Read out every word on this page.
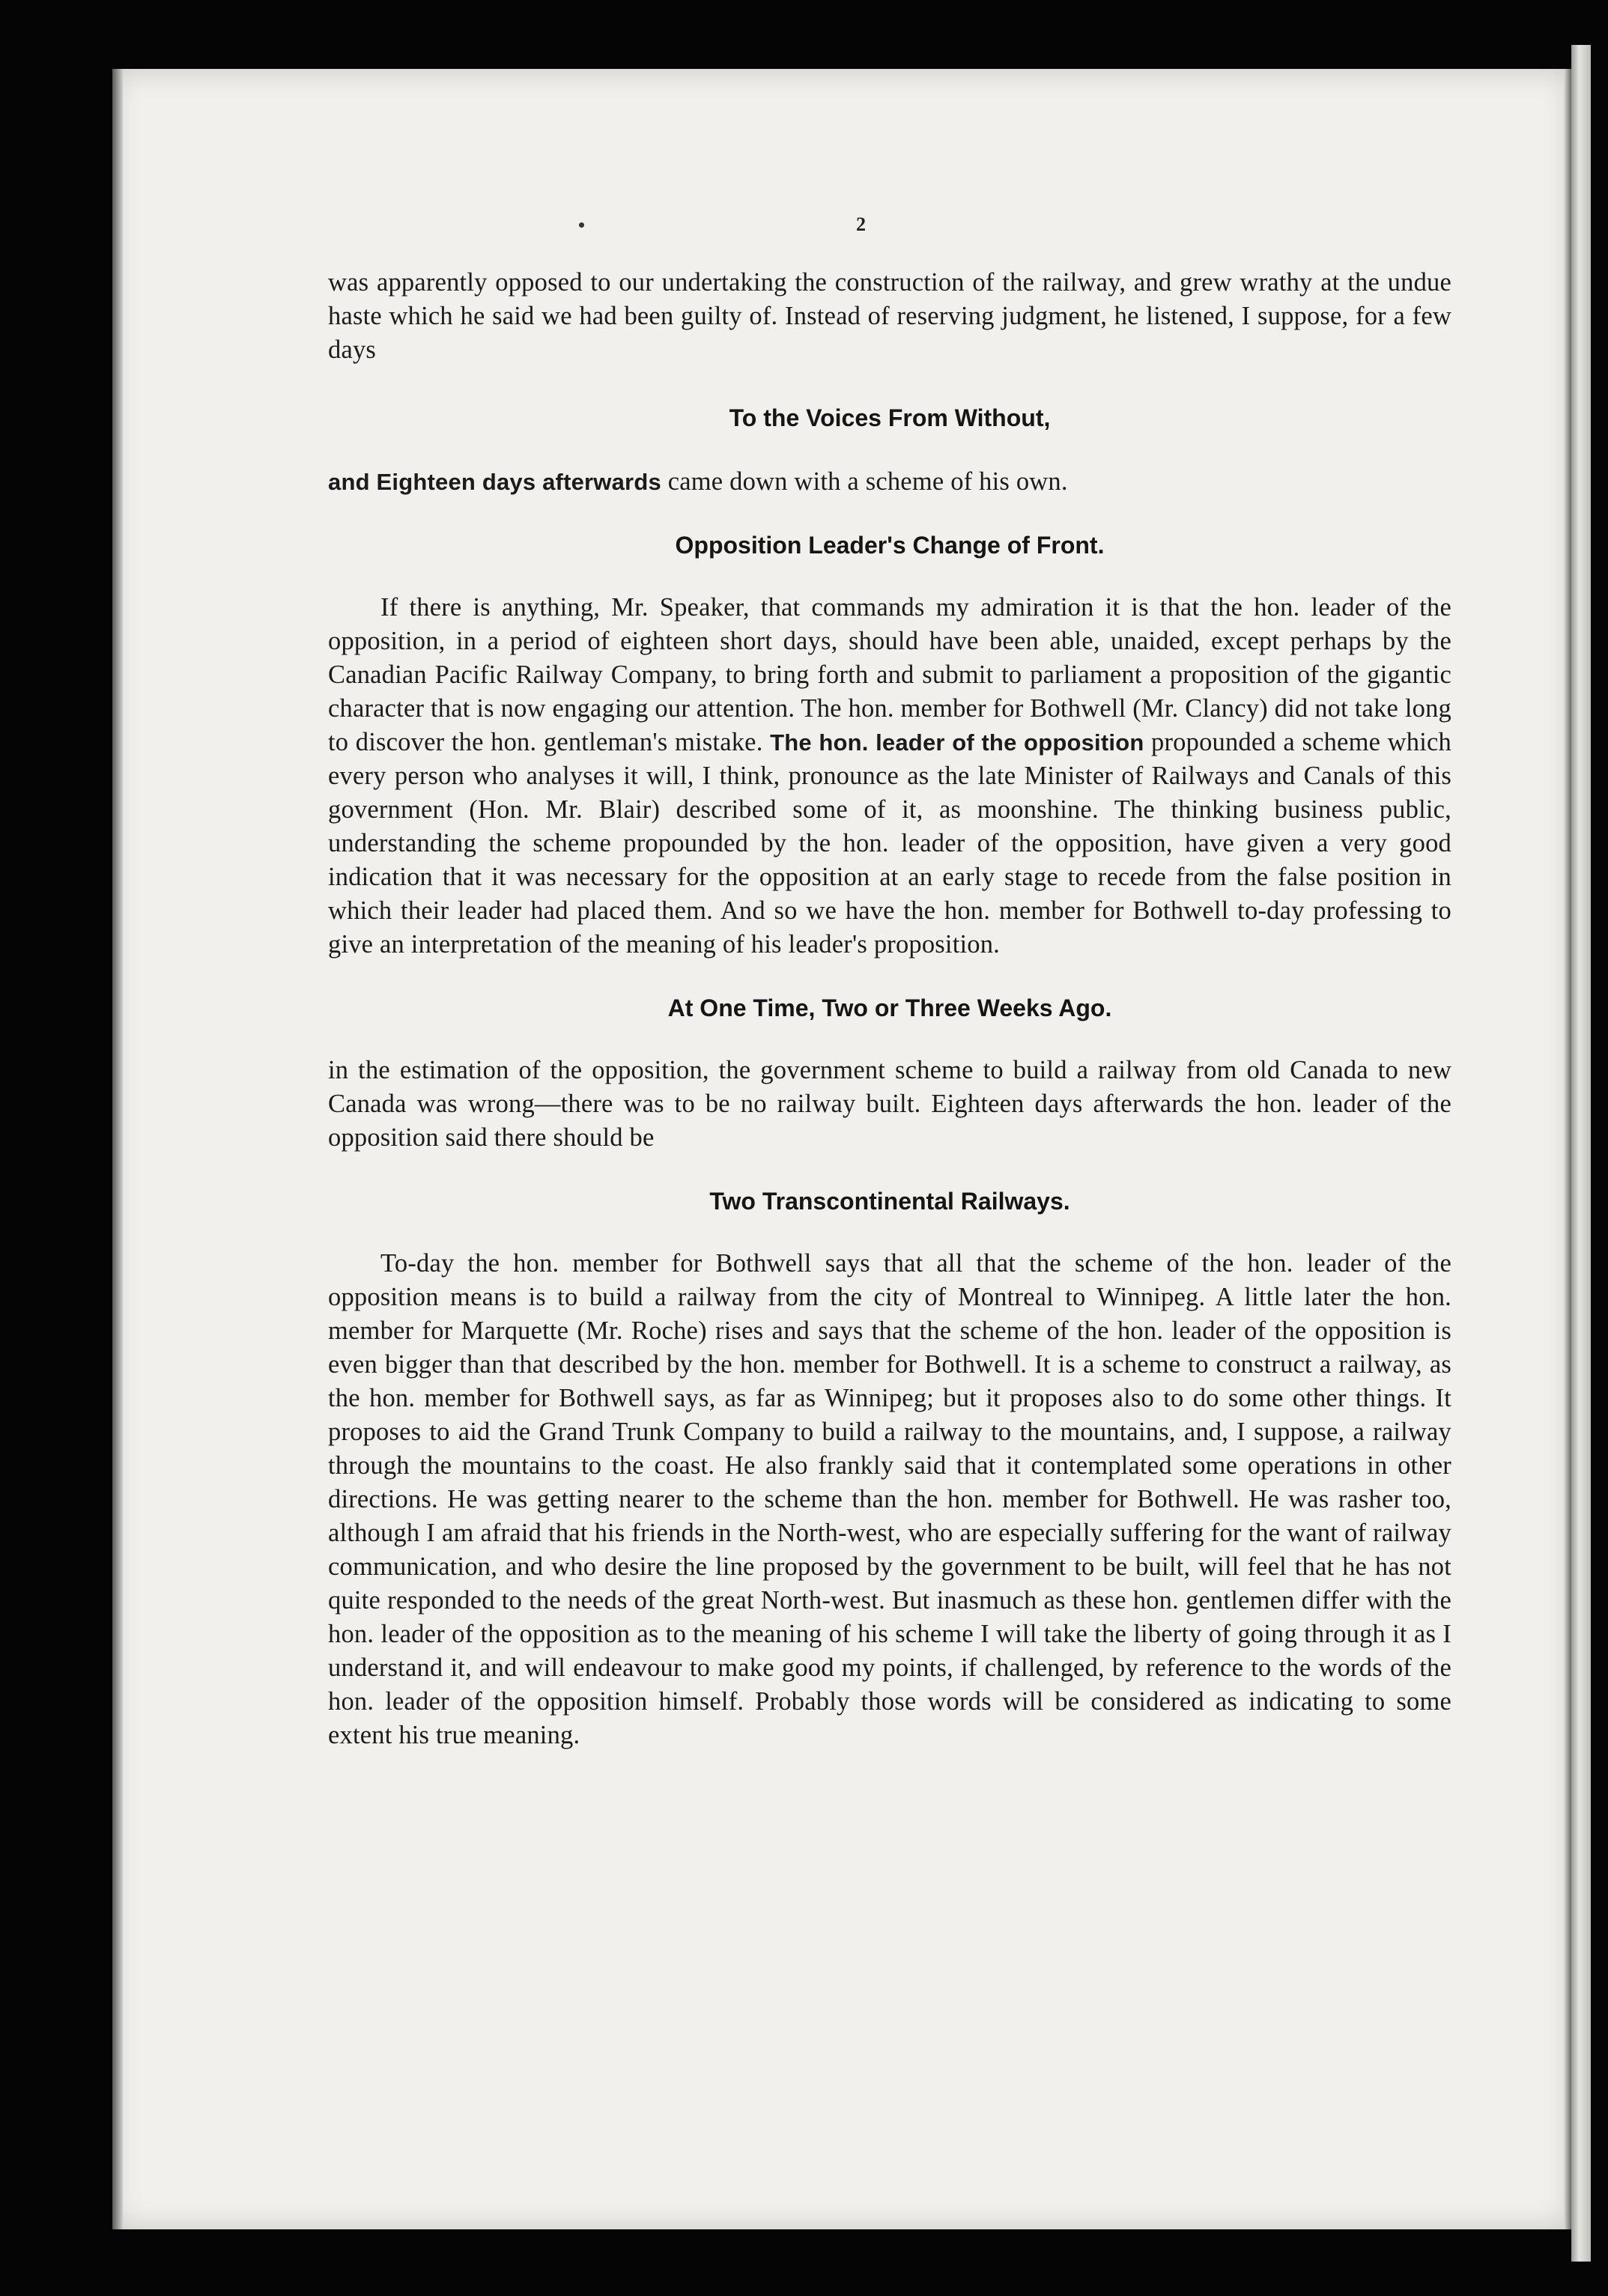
2

was apparently opposed to our undertaking the construction of the railway, and grew wrathy at the undue haste which he said we had been guilty of. Instead of reserving judgment, he listened, I suppose, for a few days

To the Voices From Without,

and Eighteen days afterwards came down with a scheme of his own.

Opposition Leader's Change of Front.

If there is anything, Mr. Speaker, that commands my admiration it is that the hon. leader of the opposition, in a period of eighteen short days, should have been able, unaided, except perhaps by the Canadian Pacific Railway Company, to bring forth and submit to parliament a proposition of the gigantic character that is now engaging our attention. The hon. member for Bothwell (Mr. Clancy) did not take long to discover the hon. gentleman's mistake. The hon. leader of the opposition propounded a scheme which every person who analyses it will, I think, pronounce as the late Minister of Railways and Canals of this government (Hon. Mr. Blair) described some of it, as moonshine. The thinking business public, understanding the scheme propounded by the hon. leader of the opposition, have given a very good indication that it was necessary for the opposition at an early stage to recede from the false position in which their leader had placed them. And so we have the hon. member for Bothwell to-day professing to give an interpretation of the meaning of his leader's proposition.

At One Time, Two or Three Weeks Ago.

in the estimation of the opposition, the government scheme to build a railway from old Canada to new Canada was wrong—there was to be no railway built. Eighteen days afterwards the hon. leader of the opposition said there should be

Two Transcontinental Railways.

To-day the hon. member for Bothwell says that all that the scheme of the hon. leader of the opposition means is to build a railway from the city of Montreal to Winnipeg. A little later the hon. member for Marquette (Mr. Roche) rises and says that the scheme of the hon. leader of the opposition is even bigger than that described by the hon. member for Bothwell. It is a scheme to construct a railway, as the hon. member for Bothwell says, as far as Winnipeg; but it proposes also to do some other things. It proposes to aid the Grand Trunk Company to build a railway to the mountains, and, I suppose, a railway through the mountains to the coast. He also frankly said that it contemplated some operations in other directions. He was getting nearer to the scheme than the hon. member for Bothwell. He was rasher too, although I am afraid that his friends in the North-west, who are especially suffering for the want of railway communication, and who desire the line proposed by the government to be built, will feel that he has not quite responded to the needs of the great North-west. But inasmuch as these hon. gentlemen differ with the hon. leader of the opposition as to the meaning of his scheme I will take the liberty of going through it as I understand it, and will endeavour to make good my points, if challenged, by reference to the words of the hon. leader of the opposition himself. Probably those words will be considered as indicating to some extent his true meaning.
